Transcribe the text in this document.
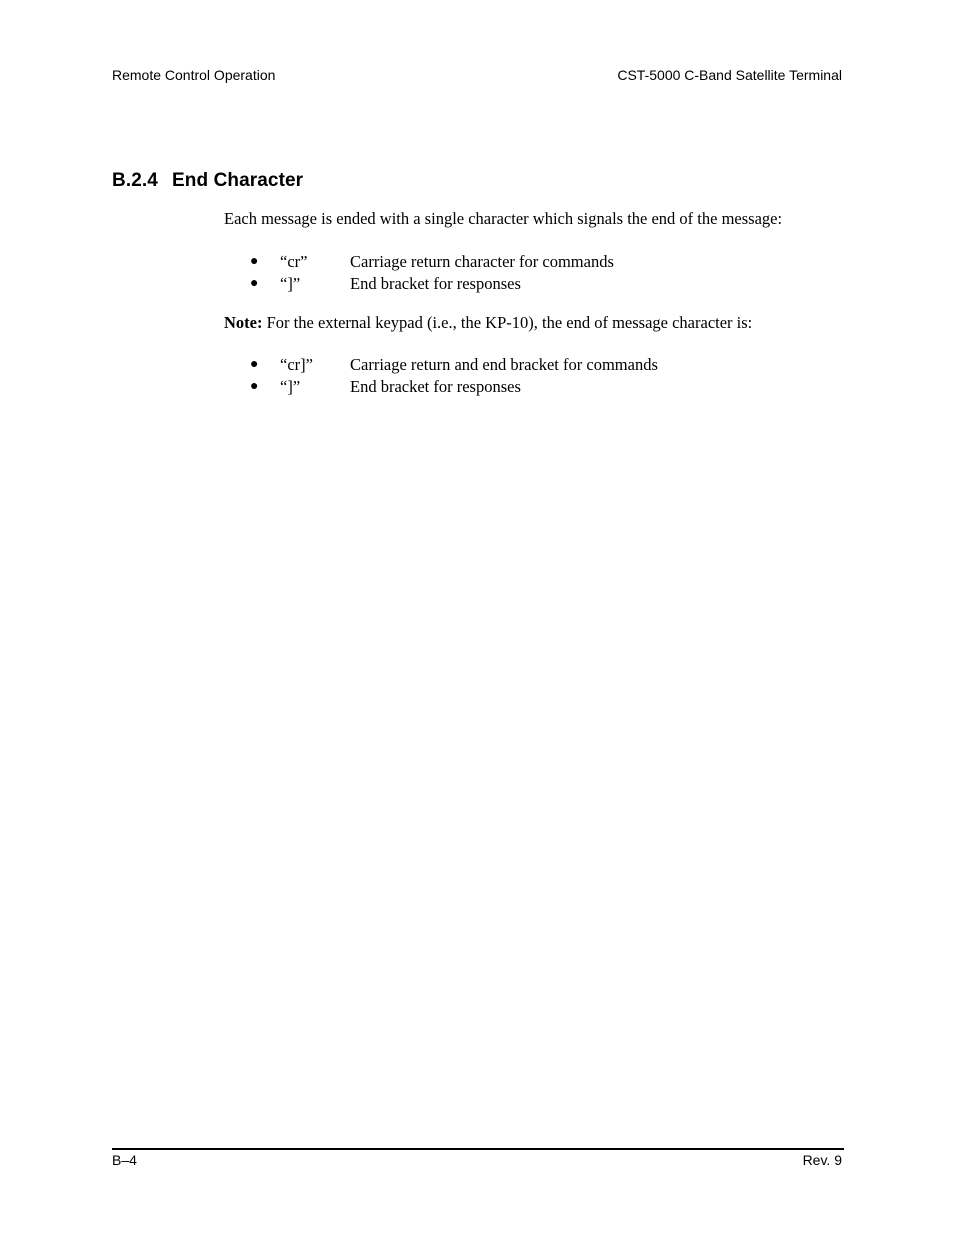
Remote Control Operation	CST-5000 C-Band Satellite Terminal
B.2.4 End Character

Each message is ended with a single character which signals the end of the message:

● “cr”	Carriage return character for commands
● “]”	End bracket for responses

Note: For the external keypad (i.e., the KP-10), the end of message character is:

● “cr]” Carriage return and end bracket for commands
● “]”	End bracket for responses
B–4	Rev. 9
